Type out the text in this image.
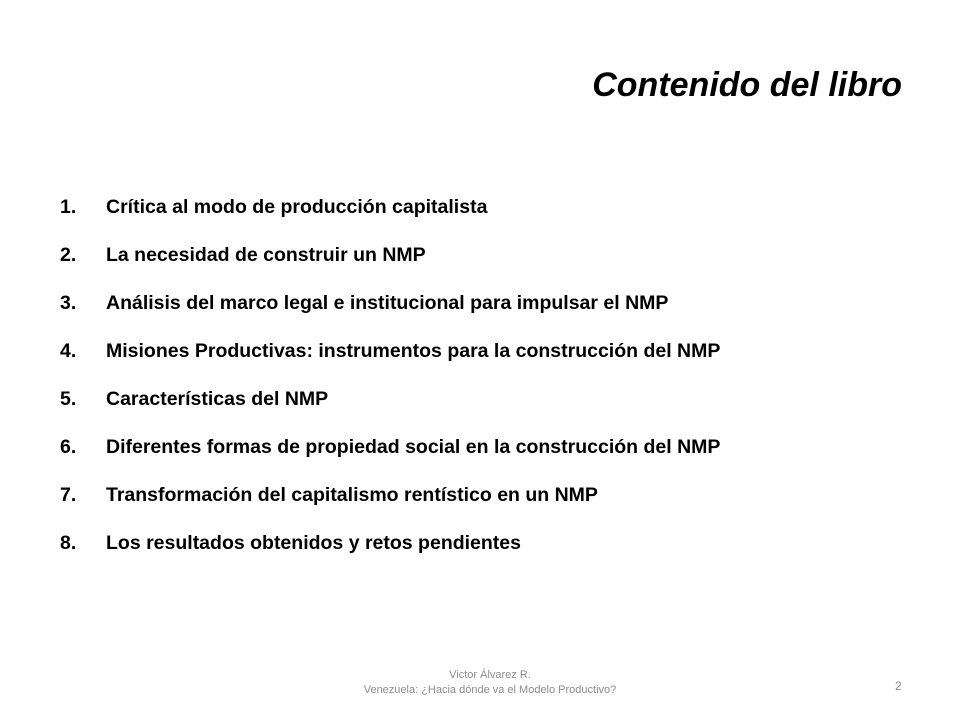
Contenido del libro
1.	Crítica al modo de producción capitalista
2.	La necesidad de construir un NMP
3.	Análisis del marco legal e institucional para impulsar el NMP
4.	Misiones Productivas: instrumentos para la construcción del NMP
5.	Características del NMP
6.	Diferentes formas de propiedad social en la construcción del NMP
7.	Transformación del capitalismo rentístico en un NMP
8.	Los resultados obtenidos y retos pendientes
Victor Álvarez R.
Venezuela: ¿Hacia dónde va el Modelo Productivo?	2
